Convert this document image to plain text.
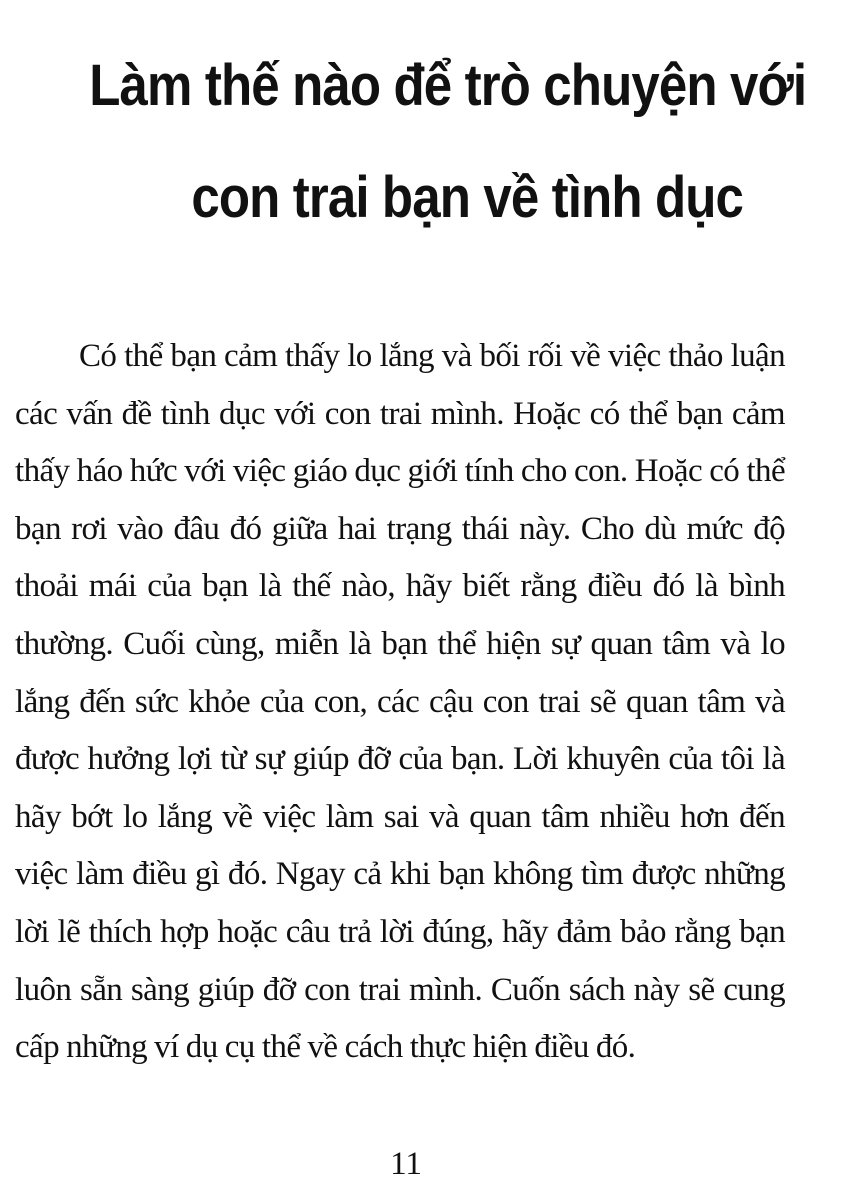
Làm thế nào để trò chuyện với
con trai bạn về tình dục

Có thể bạn cảm thấy lo lắng và bối rối về việc thảo luận các vấn đề tình dục với con trai mình. Hoặc có thể bạn cảm thấy háo hức với việc giáo dục giới tính cho con. Hoặc có thể bạn rơi vào đâu đó giữa hai trạng thái này. Cho dù mức độ thoải mái của bạn là thế nào, hãy biết rằng điều đó là bình thường. Cuối cùng, miễn là bạn thể hiện sự quan tâm và lo lắng đến sức khỏe của con, các cậu con trai sẽ quan tâm và được hưởng lợi từ sự giúp đỡ của bạn. Lời khuyên của tôi là hãy bớt lo lắng về việc làm sai và quan tâm nhiều hơn đến việc làm điều gì đó. Ngay cả khi bạn không tìm được những lời lẽ thích hợp hoặc câu trả lời đúng, hãy đảm bảo rằng bạn luôn sẵn sàng giúp đỡ con trai mình. Cuốn sách này sẽ cung cấp những ví dụ cụ thể về cách thực hiện điều đó.

11
